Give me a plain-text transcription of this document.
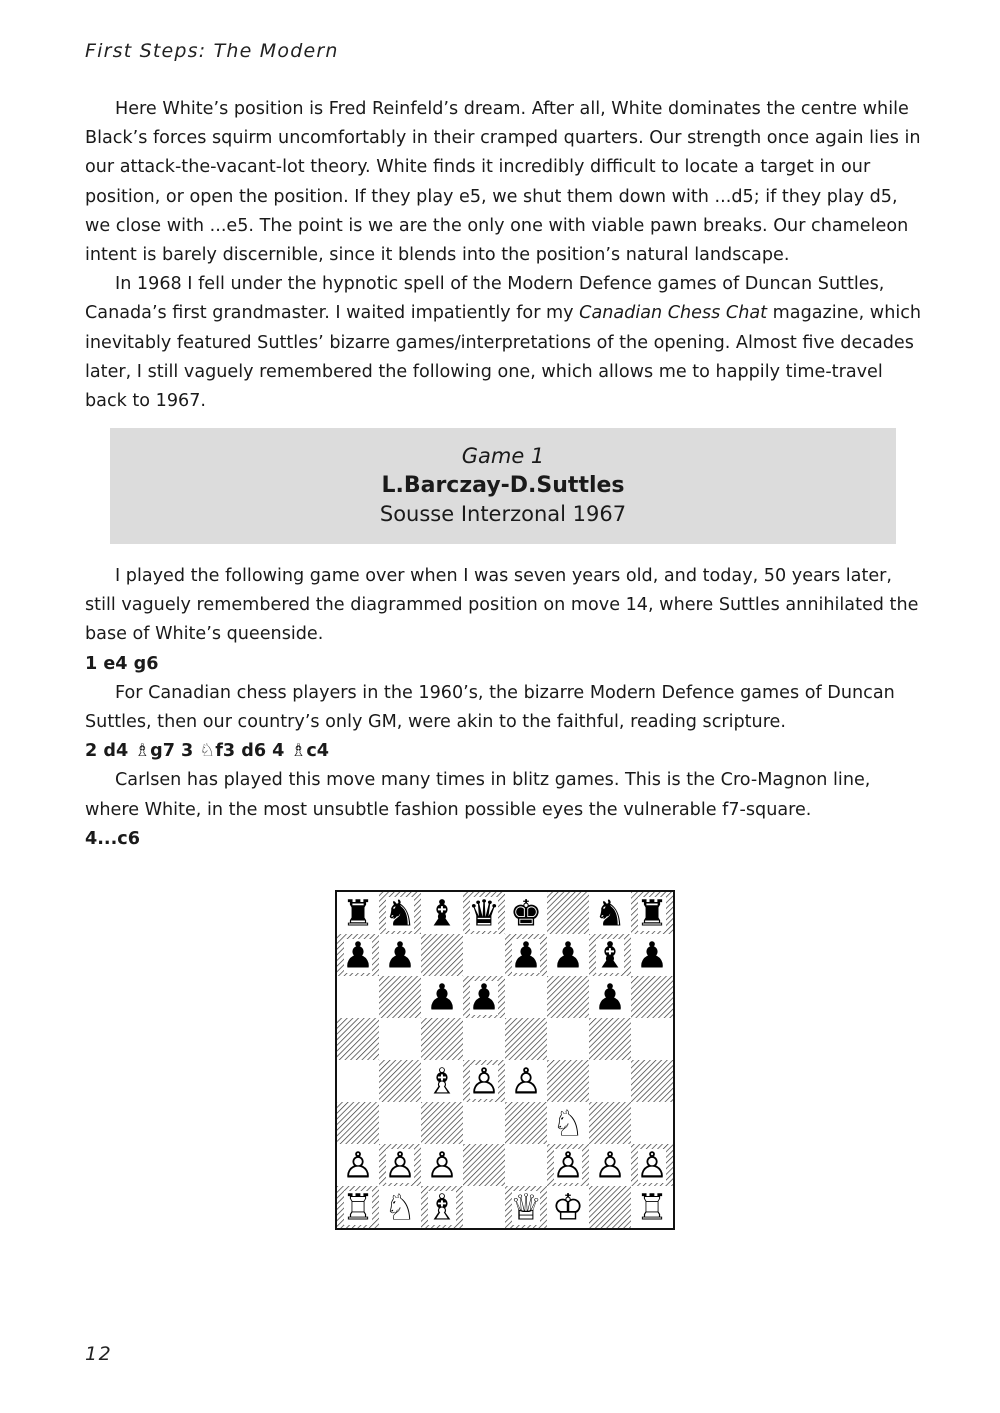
First Steps: The Modern

Here White’s position is Fred Reinfeld’s dream. After all, White dominates the centre while Black’s forces squirm uncomfortably in their cramped quarters. Our strength once again lies in our attack-the-vacant-lot theory. White finds it incredibly difficult to locate a target in our position, or open the position. If they play e5, we shut them down with ...d5; if they play d5, we close with ...e5. The point is we are the only one with viable pawn breaks. Our chameleon intent is barely discernible, since it blends into the position’s natural landscape.

In 1968 I fell under the hypnotic spell of the Modern Defence games of Duncan Suttles, Canada’s first grandmaster. I waited impatiently for my Canadian Chess Chat magazine, which inevitably featured Suttles’ bizarre games/interpretations of the opening. Almost five decades later, I still vaguely remembered the following one, which allows me to happily time-travel back to 1967.

Game 1
L.Barczay-D.Suttles
Sousse Interzonal 1967

I played the following game over when I was seven years old, and today, 50 years later, still vaguely remembered the diagrammed position on move 14, where Suttles annihilated the base of White’s queenside.

1 e4 g6

For Canadian chess players in the 1960’s, the bizarre Modern Defence games of Duncan Suttles, then our country’s only GM, were akin to the faithful, reading scripture.

2 d4 ♗g7 3 ♘f3 d6 4 ♗c4

Carlsen has played this move many times in blitz games. This is the Cro-Magnon line, where White, in the most unsubtle fashion possible eyes the vulnerable f7-square.

4...c6

♜ ♞ ♝ ♛ ♚ ♞ ♜
♟ ♟	♟ ♟ ♝ ♟
♟ ♟	♟
♗ ♙ ♙
♘
♙ ♙ ♙	♙ ♙ ♙
♖ ♘ ♗ ♕ ♔ ♖
12
